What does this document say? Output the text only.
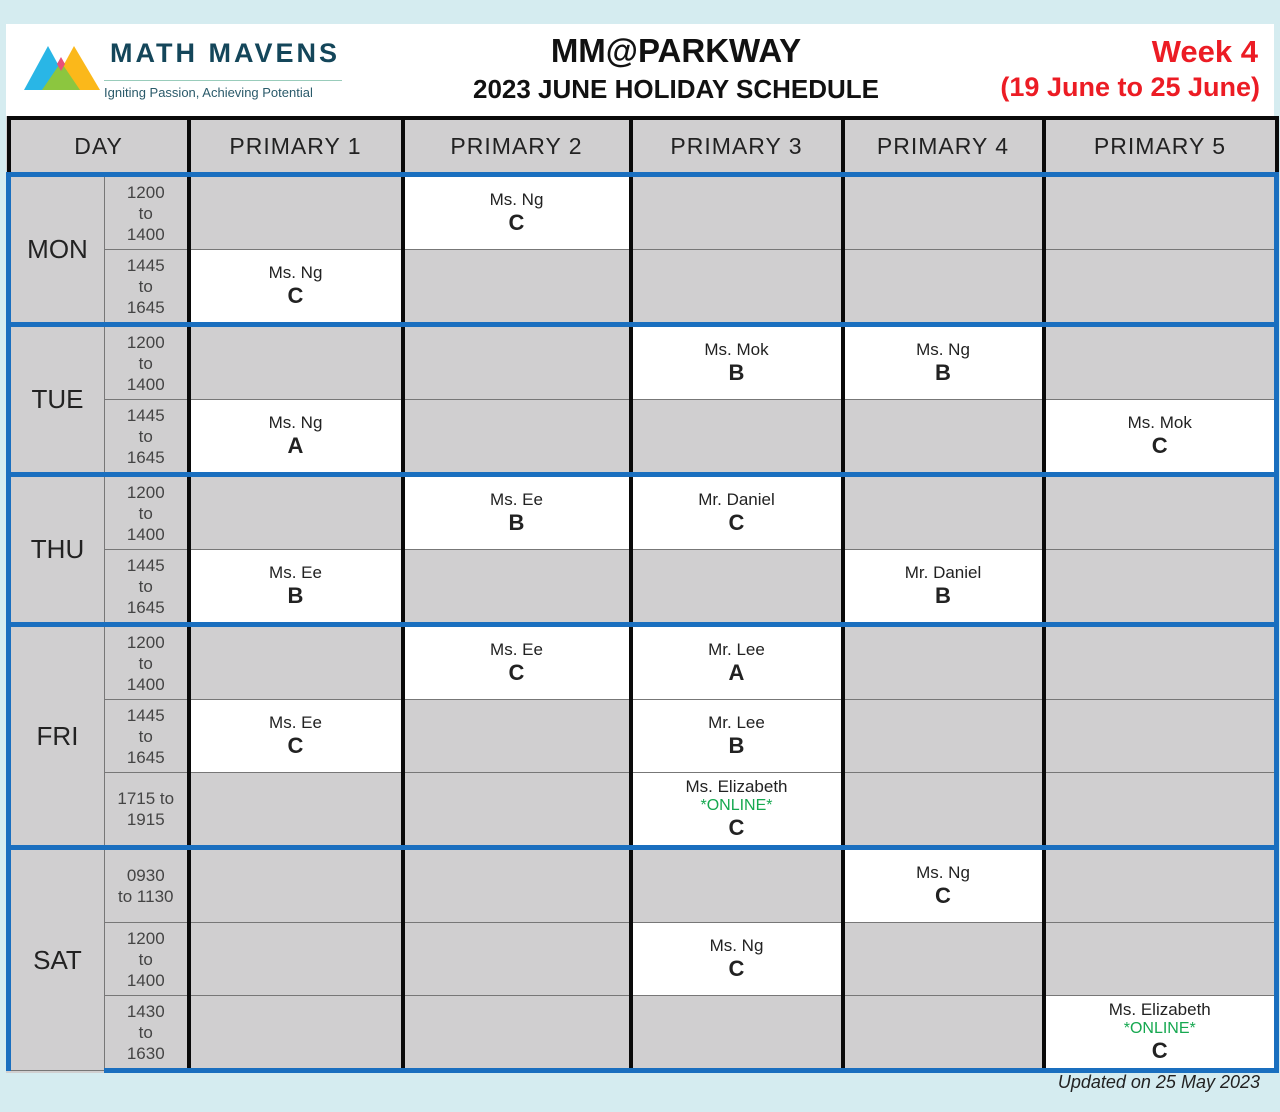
MATH MAVENS
Igniting Passion, Achieving Potential
MM@PARKWAY
2023 JUNE HOLIDAY SCHEDULE
Week 4
(19 June to 25 June)
DAY		PRIMARY 1	PRIMARY 2	PRIMARY 3	PRIMARY 4	PRIMARY 5
MON	1200
to
1400		Ms. Ng
C			

	1445
to
1645	Ms. Ng
C				

TUE	1200
to
1400			Ms. Mok
B	Ms. Ng
B	

	1445
to
1645	Ms. Ng
A				Ms. Mok
C

THU	1200
to
1400		Ms. Ee
B	Mr. Daniel
C		

	1445
to
1645	Ms. Ee
B			Mr. Daniel
B	

FRI	1200
to
1400		Ms. Ee
C	Mr. Lee
A		

	1445
to
1645	Ms. Ee
C		Mr. Lee
B		

	1715 to
1915			Ms. Elizabeth
*ONLINE*
C		

SAT	0930
to 1130				Ms. Ng
C	

	1200
to
1400			Ms. Ng
C		

	1430
to
1630					Ms. Elizabeth
*ONLINE*
C
Updated on 25 May 2023
